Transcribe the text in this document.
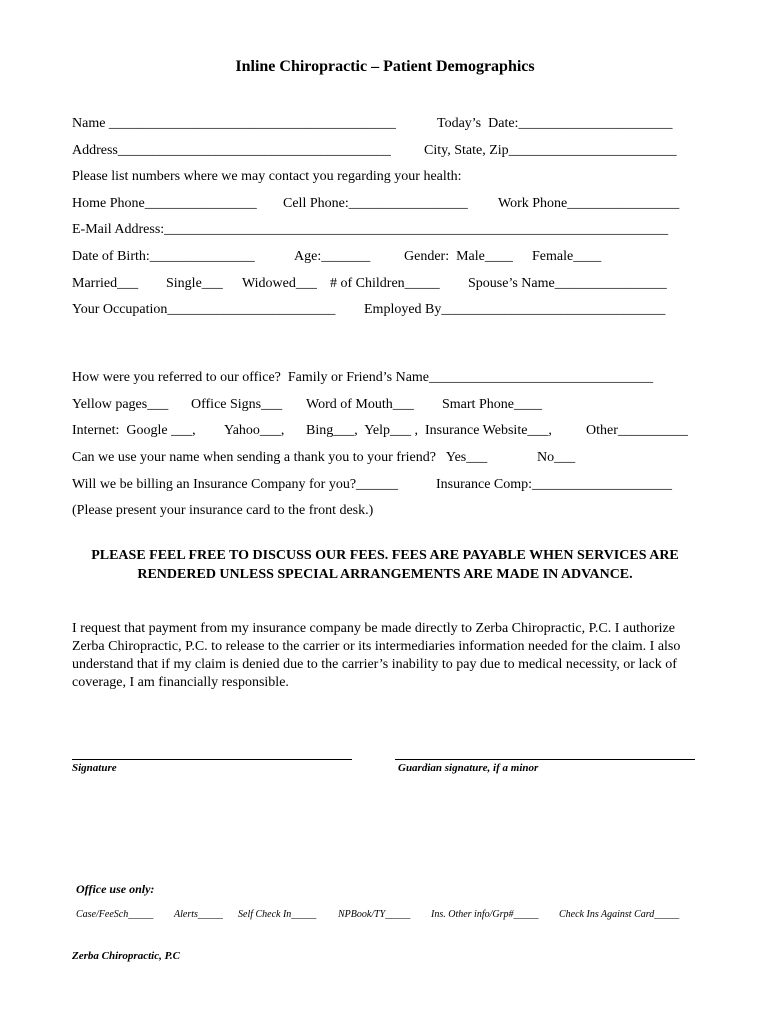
Inline Chiropractic – Patient Demographics
Name _________________________________________	Today’s  Date:______________________
Address_______________________________________ City, State, Zip________________________
Please list numbers where we may contact you regarding your health:
Home Phone________________ Cell Phone:_________________ Work Phone________________
E-Mail Address:________________________________________________________________________
Date of Birth:_______________	Age:_______ Gender:  Male____ Female____
Married___ Single___ Widowed___ # of Children_____ Spouse’s Name________________
Your Occupation________________________ Employed By________________________________
How were you referred to our office?  Family or Friend’s Name________________________________
Yellow pages___ Office Signs___ Word of Mouth___ Smart Phone____
Internet:  Google ___, Yahoo___, Bing___,  Yelp___ ,  Insurance Website___, Other__________
Can we use your name when sending a thank you to your friend?   Yes___	No___
Will we be billing an Insurance Company for you?______	Insurance Comp:____________________
(Please present your insurance card to the front desk.)
PLEASE FEEL FREE TO DISCUSS OUR FEES. FEES ARE PAYABLE WHEN SERVICES ARE RENDERED UNLESS SPECIAL ARRANGEMENTS ARE MADE IN ADVANCE.
I request that payment from my insurance company be made directly to Zerba Chiropractic, P.C. I authorize Zerba Chiropractic, P.C. to release to the carrier or its intermediaries information needed for the claim. I also understand that if my claim is denied due to the carrier’s inability to pay due to medical necessity, or lack of coverage, I am financially responsible.
Signature	Guardian signature, if a minor
Office use only:
Case/FeeSch_____ Alerts_____ Self Check In_____ NPBook/TY_____ Ins. Other info/Grp#_____ Check Ins Against Card_____
Zerba Chiropractic, P.C
